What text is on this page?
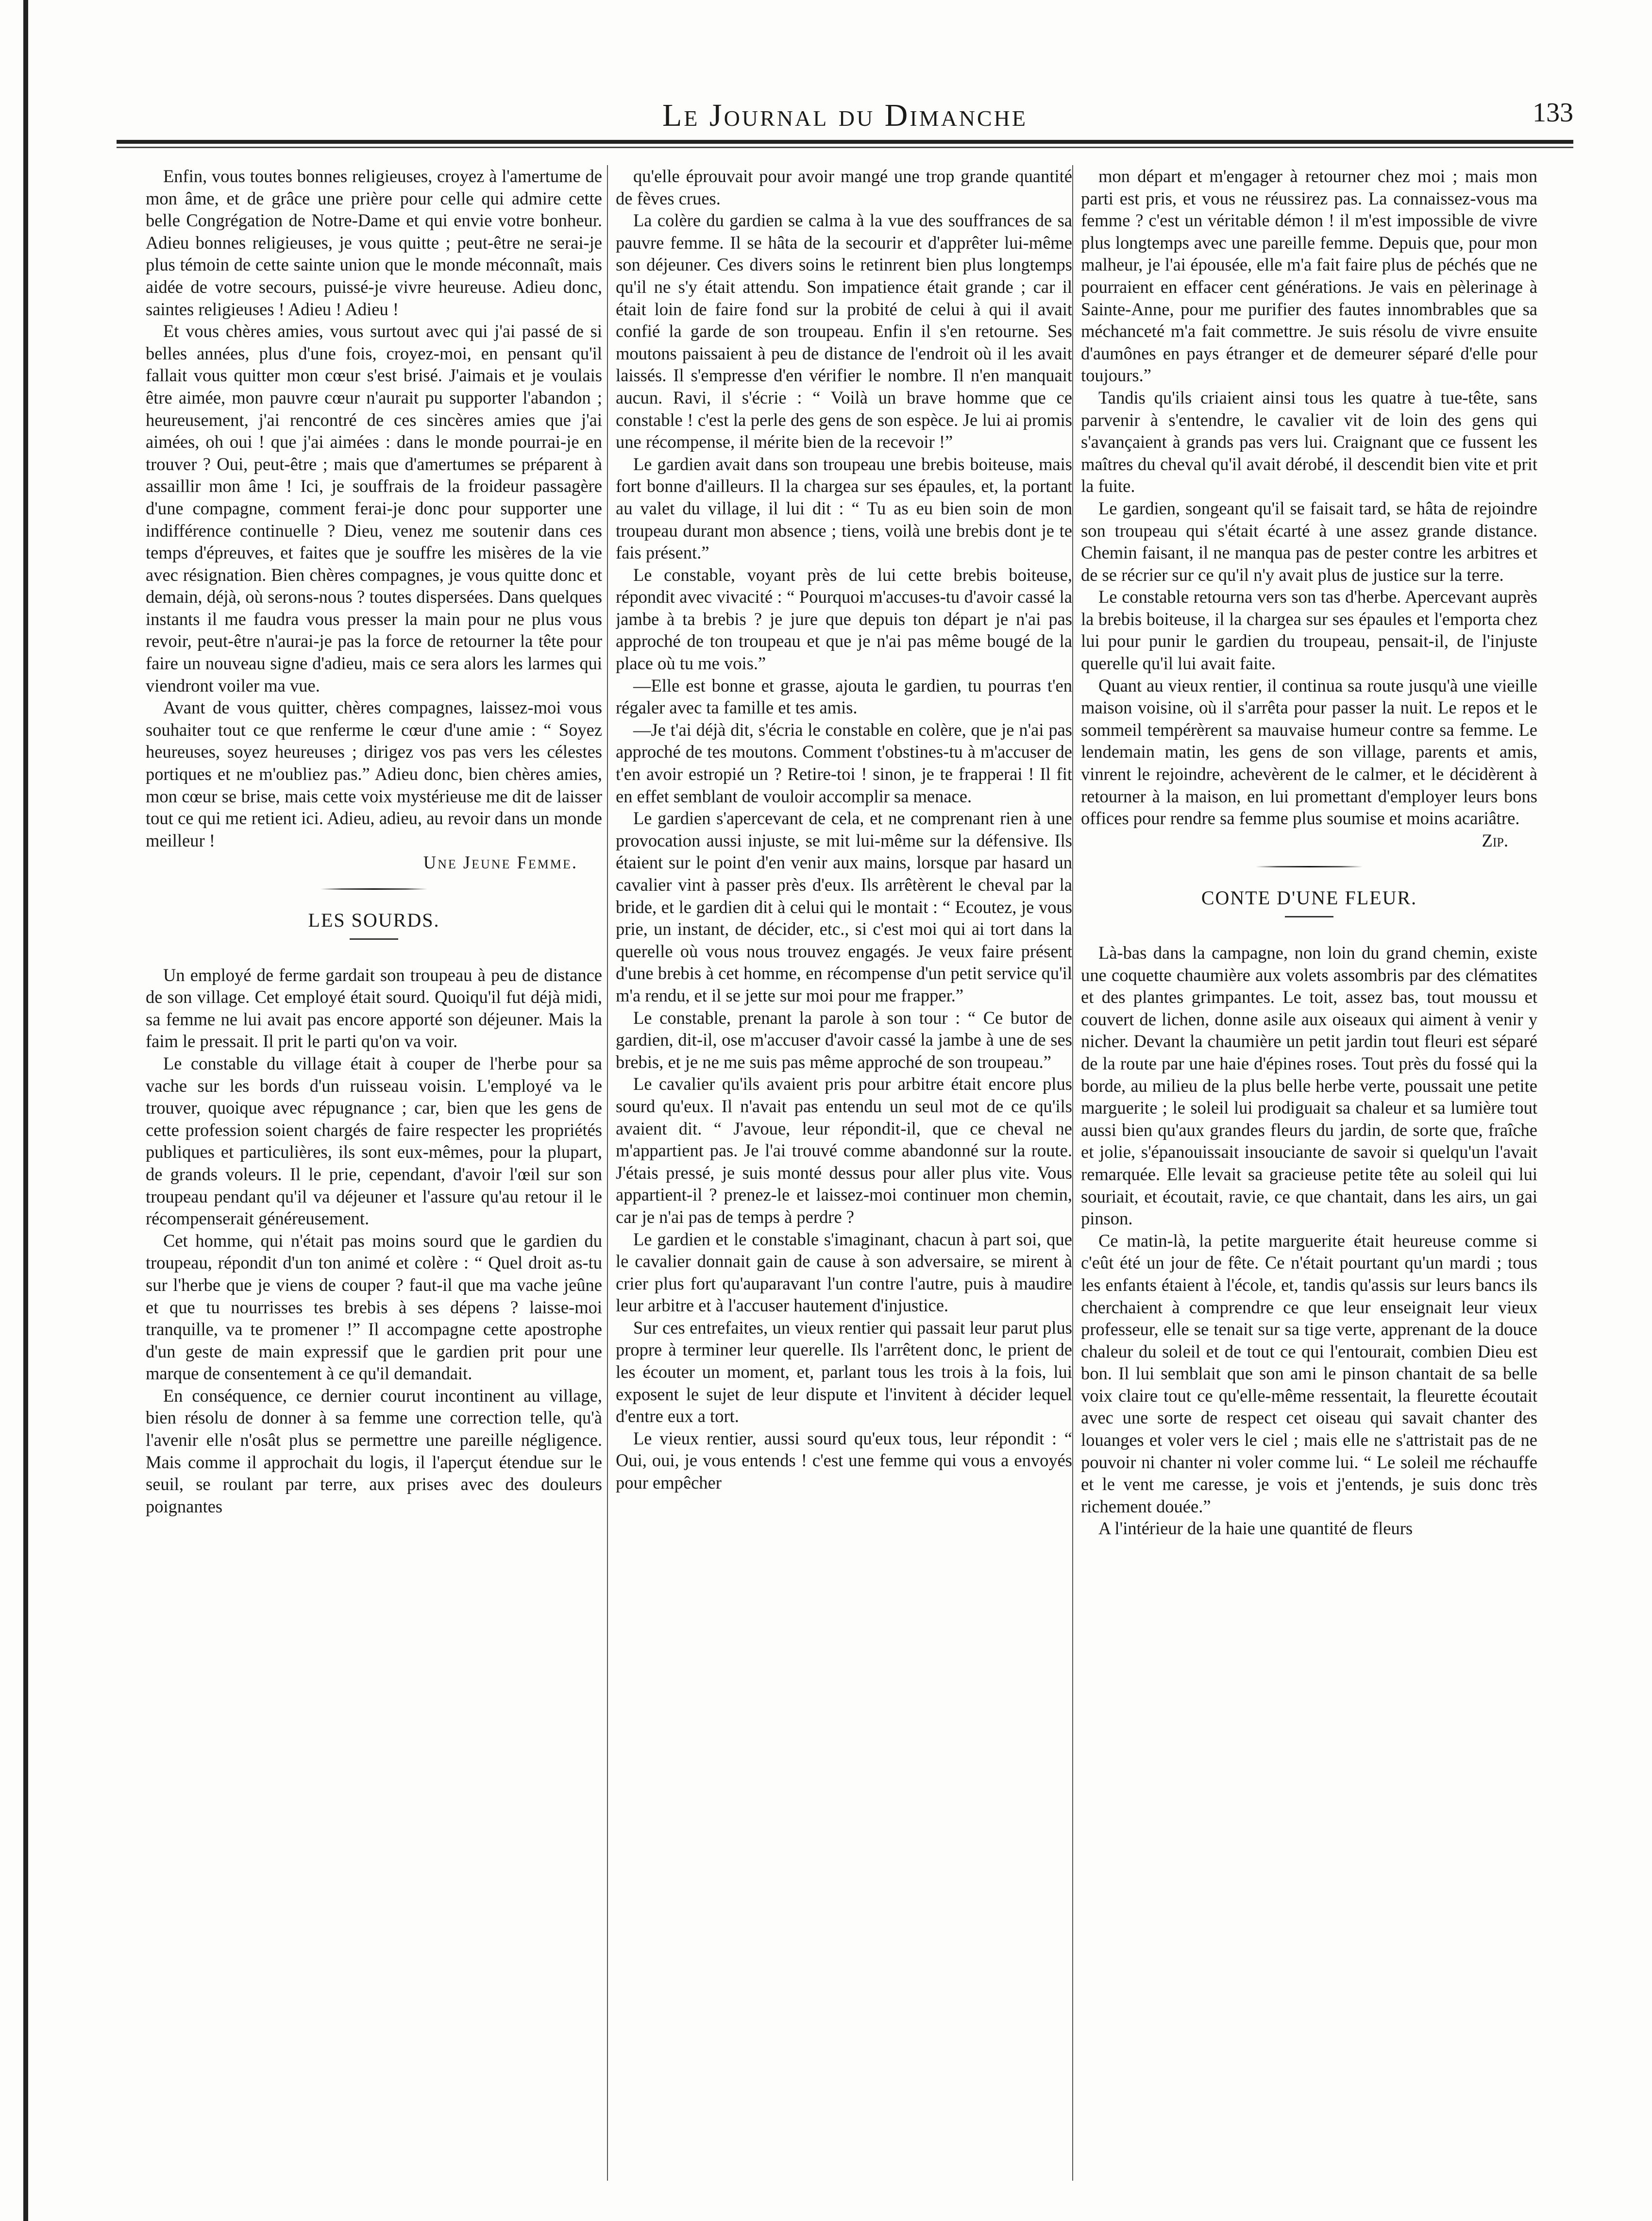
Le Journal du Dimanche	133

Enfin, vous toutes bonnes religieuses, croyez à l'amertume de mon âme, et de grâce une prière pour celle qui admire cette belle Congrégation de Notre-Dame et qui envie votre bonheur. Adieu bonnes religieuses, je vous quitte ; peut-être ne serai-je plus témoin de cette sainte union que le monde méconnaît, mais aidée de votre secours, puissé-je vivre heureuse. Adieu donc, saintes religieuses ! Adieu ! Adieu !

Et vous chères amies, vous surtout avec qui j'ai passé de si belles années, plus d'une fois, croyez-moi, en pensant qu'il fallait vous quitter mon cœur s'est brisé. J'aimais et je voulais être aimée, mon pauvre cœur n'aurait pu supporter l'abandon ; heureusement, j'ai rencontré de ces sincères amies que j'ai aimées, oh oui ! que j'ai aimées : dans le monde pourrai-je en trouver ? Oui, peut-être ; mais que d'amertumes se préparent à assaillir mon âme ! Ici, je souffrais de la froideur passagère d'une compagne, comment ferai-je donc pour supporter une indifférence continuelle ? Dieu, venez me soutenir dans ces temps d'épreuves, et faites que je souffre les misères de la vie avec résignation. Bien chères compagnes, je vous quitte donc et demain, déjà, où serons-nous ? toutes dispersées. Dans quelques instants il me faudra vous presser la main pour ne plus vous revoir, peut-être n'aurai-je pas la force de retourner la tête pour faire un nouveau signe d'adieu, mais ce sera alors les larmes qui viendront voiler ma vue.

Avant de vous quitter, chères compagnes, laissez-moi vous souhaiter tout ce que renferme le cœur d'une amie : “ Soyez heureuses, soyez heureuses ; dirigez vos pas vers les célestes portiques et ne m'oubliez pas.” Adieu donc, bien chères amies, mon cœur se brise, mais cette voix mystérieuse me dit de laisser tout ce qui me retient ici. Adieu, adieu, au revoir dans un monde meilleur !

Une Jeune Femme.

LES SOURDS.

Un employé de ferme gardait son troupeau à peu de distance de son village. Cet employé était sourd. Quoiqu'il fut déjà midi, sa femme ne lui avait pas encore apporté son déjeuner. Mais la faim le pressait. Il prit le parti qu'on va voir.

Le constable du village était à couper de l'herbe pour sa vache sur les bords d'un ruisseau voisin. L'employé va le trouver, quoique avec répugnance ; car, bien que les gens de cette profession soient chargés de faire respecter les propriétés publiques et particulières, ils sont eux-mêmes, pour la plupart, de grands voleurs. Il le prie, cependant, d'avoir l'œil sur son troupeau pendant qu'il va déjeuner et l'assure qu'au retour il le récompenserait généreusement.

Cet homme, qui n'était pas moins sourd que le gardien du troupeau, répondit d'un ton animé et colère : “ Quel droit as-tu sur l'herbe que je viens de couper ? faut-il que ma vache jeûne et que tu nourrisses tes brebis à ses dépens ? laisse-moi tranquille, va te promener !” Il accompagne cette apostrophe d'un geste de main expressif que le gardien prit pour une marque de consentement à ce qu'il demandait.

En conséquence, ce dernier courut incontinent au village, bien résolu de donner à sa femme une correction telle, qu'à l'avenir elle n'osât plus se permettre une pareille négligence. Mais comme il approchait du logis, il l'aperçut étendue sur le seuil, se roulant par terre, aux prises avec des douleurs poignantes

qu'elle éprouvait pour avoir mangé une trop grande quantité de fèves crues.

La colère du gardien se calma à la vue des souffrances de sa pauvre femme. Il se hâta de la secourir et d'apprêter lui-même son déjeuner. Ces divers soins le retinrent bien plus longtemps qu'il ne s'y était attendu. Son impatience était grande ; car il était loin de faire fond sur la probité de celui à qui il avait confié la garde de son troupeau. Enfin il s'en retourne. Ses moutons paissaient à peu de distance de l'endroit où il les avait laissés. Il s'empresse d'en vérifier le nombre. Il n'en manquait aucun. Ravi, il s'écrie : “ Voilà un brave homme que ce constable ! c'est la perle des gens de son espèce. Je lui ai promis une récompense, il mérite bien de la recevoir !”

Le gardien avait dans son troupeau une brebis boiteuse, mais fort bonne d'ailleurs. Il la chargea sur ses épaules, et, la portant au valet du village, il lui dit : “ Tu as eu bien soin de mon troupeau durant mon absence ; tiens, voilà une brebis dont je te fais présent.”

Le constable, voyant près de lui cette brebis boiteuse, répondit avec vivacité : “ Pourquoi m'accuses-tu d'avoir cassé la jambe à ta brebis ? je jure que depuis ton départ je n'ai pas approché de ton troupeau et que je n'ai pas même bougé de la place où tu me vois.”

—Elle est bonne et grasse, ajouta le gardien, tu pourras t'en régaler avec ta famille et tes amis.

—Je t'ai déjà dit, s'écria le constable en colère, que je n'ai pas approché de tes moutons. Comment t'obstines-tu à m'accuser de t'en avoir estropié un ? Retire-toi ! sinon, je te frapperai ! Il fit en effet semblant de vouloir accomplir sa menace.

Le gardien s'apercevant de cela, et ne comprenant rien à une provocation aussi injuste, se mit lui-même sur la défensive. Ils étaient sur le point d'en venir aux mains, lorsque par hasard un cavalier vint à passer près d'eux. Ils arrêtèrent le cheval par la bride, et le gardien dit à celui qui le montait : “ Ecoutez, je vous prie, un instant, de décider, etc., si c'est moi qui ai tort dans la querelle où vous nous trouvez engagés. Je veux faire présent d'une brebis à cet homme, en récompense d'un petit service qu'il m'a rendu, et il se jette sur moi pour me frapper.”

Le constable, prenant la parole à son tour : “ Ce butor de gardien, dit-il, ose m'accuser d'avoir cassé la jambe à une de ses brebis, et je ne me suis pas même approché de son troupeau.”

Le cavalier qu'ils avaient pris pour arbitre était encore plus sourd qu'eux. Il n'avait pas entendu un seul mot de ce qu'ils avaient dit. “ J'avoue, leur répondit-il, que ce cheval ne m'appartient pas. Je l'ai trouvé comme abandonné sur la route. J'étais pressé, je suis monté dessus pour aller plus vite. Vous appartient-il ? prenez-le et laissez-moi continuer mon chemin, car je n'ai pas de temps à perdre ?

Le gardien et le constable s'imaginant, chacun à part soi, que le cavalier donnait gain de cause à son adversaire, se mirent à crier plus fort qu'auparavant l'un contre l'autre, puis à maudire leur arbitre et à l'accuser hautement d'injustice.

Sur ces entrefaites, un vieux rentier qui passait leur parut plus propre à terminer leur querelle. Ils l'arrêtent donc, le prient de les écouter un moment, et, parlant tous les trois à la fois, lui exposent le sujet de leur dispute et l'invitent à décider lequel d'entre eux a tort.

Le vieux rentier, aussi sourd qu'eux tous, leur répondit : “ Oui, oui, je vous entends ! c'est une femme qui vous a envoyés pour empêcher

mon départ et m'engager à retourner chez moi ; mais mon parti est pris, et vous ne réussirez pas. La connaissez-vous ma femme ? c'est un véritable démon ! il m'est impossible de vivre plus longtemps avec une pareille femme. Depuis que, pour mon malheur, je l'ai épousée, elle m'a fait faire plus de péchés que ne pourraient en effacer cent générations. Je vais en pèlerinage à Sainte-Anne, pour me purifier des fautes innombrables que sa méchanceté m'a fait commettre. Je suis résolu de vivre ensuite d'aumônes en pays étranger et de demeurer séparé d'elle pour toujours.”

Tandis qu'ils criaient ainsi tous les quatre à tue-tête, sans parvenir à s'entendre, le cavalier vit de loin des gens qui s'avançaient à grands pas vers lui. Craignant que ce fussent les maîtres du cheval qu'il avait dérobé, il descendit bien vite et prit la fuite.

Le gardien, songeant qu'il se faisait tard, se hâta de rejoindre son troupeau qui s'était écarté à une assez grande distance. Chemin faisant, il ne manqua pas de pester contre les arbitres et de se récrier sur ce qu'il n'y avait plus de justice sur la terre.

Le constable retourna vers son tas d'herbe. Apercevant auprès la brebis boiteuse, il la chargea sur ses épaules et l'emporta chez lui pour punir le gardien du troupeau, pensait-il, de l'injuste querelle qu'il lui avait faite.

Quant au vieux rentier, il continua sa route jusqu'à une vieille maison voisine, où il s'arrêta pour passer la nuit. Le repos et le sommeil tempérèrent sa mauvaise humeur contre sa femme. Le lendemain matin, les gens de son village, parents et amis, vinrent le rejoindre, achevèrent de le calmer, et le décidèrent à retourner à la maison, en lui promettant d'employer leurs bons offices pour rendre sa femme plus soumise et moins acariâtre.

Zip.

CONTE D'UNE FLEUR.

Là-bas dans la campagne, non loin du grand chemin, existe une coquette chaumière aux volets assombris par des clématites et des plantes grimpantes. Le toit, assez bas, tout moussu et couvert de lichen, donne asile aux oiseaux qui aiment à venir y nicher. Devant la chaumière un petit jardin tout fleuri est séparé de la route par une haie d'épines roses. Tout près du fossé qui la borde, au milieu de la plus belle herbe verte, poussait une petite marguerite ; le soleil lui prodiguait sa chaleur et sa lumière tout aussi bien qu'aux grandes fleurs du jardin, de sorte que, fraîche et jolie, s'épanouissait insouciante de savoir si quelqu'un l'avait remarquée. Elle levait sa gracieuse petite tête au soleil qui lui souriait, et écoutait, ravie, ce que chantait, dans les airs, un gai pinson.

Ce matin-là, la petite marguerite était heureuse comme si c'eût été un jour de fête. Ce n'était pourtant qu'un mardi ; tous les enfants étaient à l'école, et, tandis qu'assis sur leurs bancs ils cherchaient à comprendre ce que leur enseignait leur vieux professeur, elle se tenait sur sa tige verte, apprenant de la douce chaleur du soleil et de tout ce qui l'entourait, combien Dieu est bon. Il lui semblait que son ami le pinson chantait de sa belle voix claire tout ce qu'elle-même ressentait, la fleurette écoutait avec une sorte de respect cet oiseau qui savait chanter des louanges et voler vers le ciel ; mais elle ne s'attristait pas de ne pouvoir ni chanter ni voler comme lui. “ Le soleil me réchauffe et le vent me caresse, je vois et j'entends, je suis donc très richement douée.”

A l'intérieur de la haie une quantité de fleurs
